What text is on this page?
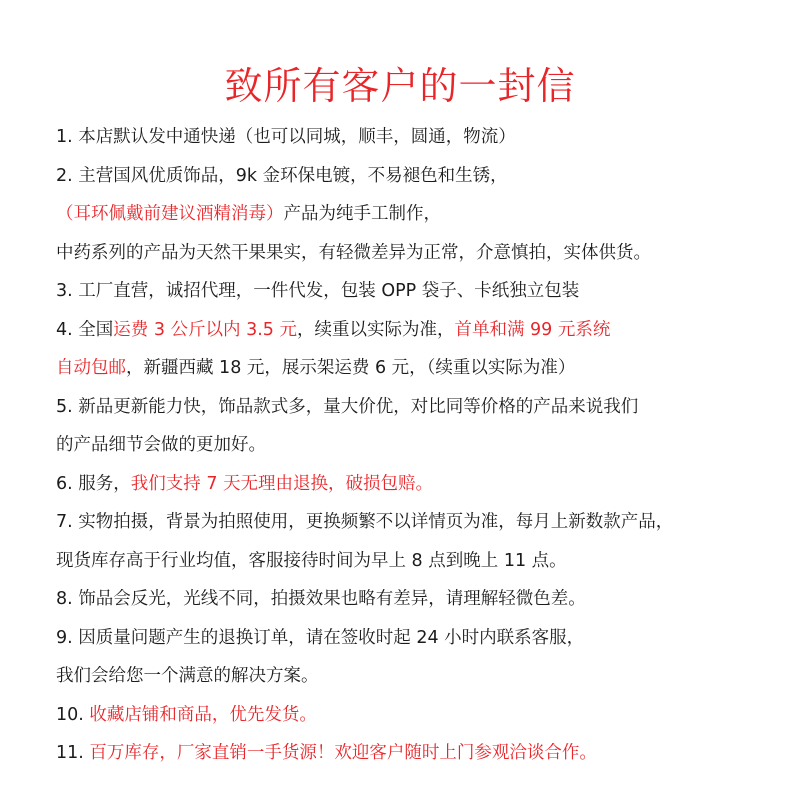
致所有客户的一封信
1. 本店默认发中通快递（也可以同城，顺丰，圆通，物流）
2. 主营国风优质饰品，9k 金环保电镀，不易褪色和生锈，
（耳环佩戴前建议酒精消毒）产品为纯手工制作，
中药系列的产品为天然干果果实，有轻微差异为正常，介意慎拍，实体供货。
3. 工厂直营，诚招代理，一件代发，包装 OPP 袋子、卡纸独立包装
4. 全国运费 3 公斤以内 3.5 元，续重以实际为准，首单和满 99 元系统
自动包邮，新疆西藏 18 元，展示架运费 6 元，（续重以实际为准）
5. 新品更新能力快，饰品款式多，量大价优，对比同等价格的产品来说我们
的产品细节会做的更加好。
6. 服务，我们支持 7 天无理由退换，破损包赔。
7. 实物拍摄，背景为拍照使用，更换频繁不以详情页为准，每月上新数款产品，
现货库存高于行业均值，客服接待时间为早上 8 点到晚上 11 点。
8. 饰品会反光，光线不同，拍摄效果也略有差异，请理解轻微色差。
9. 因质量问题产生的退换订单，请在签收时起 24 小时内联系客服，
我们会给您一个满意的解决方案。
10. 收藏店铺和商品，优先发货。
11. 百万库存，厂家直销一手货源！欢迎客户随时上门参观洽谈合作。
